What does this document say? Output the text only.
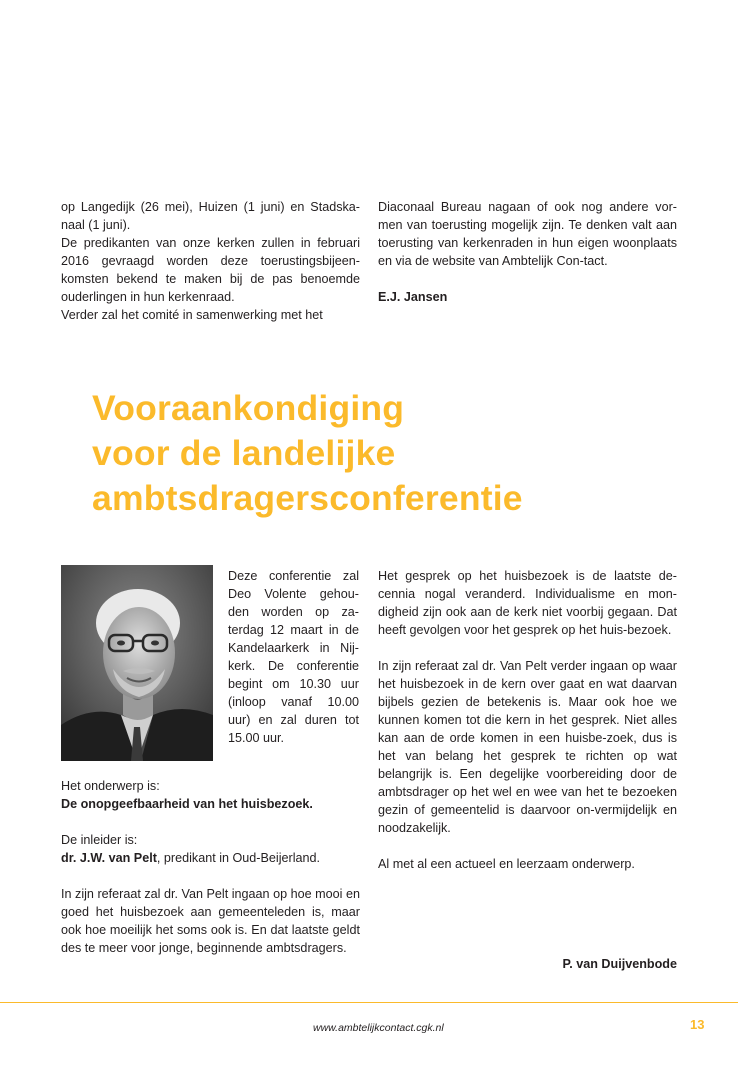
op Langedijk (26 mei), Huizen (1 juni) en Stadska-naal (1 juni).

De predikanten van onze kerken zullen in februari 2016 gevraagd worden deze toerustingsbijeen-komsten bekend te maken bij de pas benoemde ouderlingen in hun kerkenraad.

Verder zal het comité in samenwerking met het

Diaconaal Bureau nagaan of ook nog andere vor-men van toerusting mogelijk zijn. Te denken valt aan toerusting van kerkenraden in hun eigen woonplaats en via de website van Ambtelijk Con-tact.

E.J. Jansen

Vooraankondiging
voor de landelijke
ambtsdragersconferentie

Deze conferentie zal Deo Volente gehou-den worden op za-terdag 12 maart in de Kandelaarkerk in Nij-kerk. De conferentie begint om 10.30 uur (inloop vanaf 10.00 uur) en zal duren tot 15.00 uur.

Het onderwerp is:

De onopgeefbaarheid van het huisbezoek.

De inleider is:

dr. J.W. van Pelt, predikant in Oud-Beijerland.

In zijn referaat zal dr. Van Pelt ingaan op hoe mooi en goed het huisbezoek aan gemeenteleden is, maar ook hoe moeilijk het soms ook is. En dat laatste geldt des te meer voor jonge, beginnende ambtsdragers.

Het gesprek op het huisbezoek is de laatste de-cennia nogal veranderd. Individualisme en mon-digheid zijn ook aan de kerk niet voorbij gegaan. Dat heeft gevolgen voor het gesprek op het huis-bezoek.

In zijn referaat zal dr. Van Pelt verder ingaan op waar het huisbezoek in de kern over gaat en wat daarvan bijbels gezien de betekenis is. Maar ook hoe we kunnen komen tot die kern in het gesprek. Niet alles kan aan de orde komen in een huisbe-zoek, dus is het van belang het gesprek te richten op wat belangrijk is. Een degelijke voorbereiding door de ambtsdrager op het wel en wee van het te bezoeken gezin of gemeentelid is daarvoor on-vermijdelijk en noodzakelijk.

Al met al een actueel en leerzaam onderwerp.

P. van Duijvenbode

www.ambtelijkcontact.cgk.nl	13
